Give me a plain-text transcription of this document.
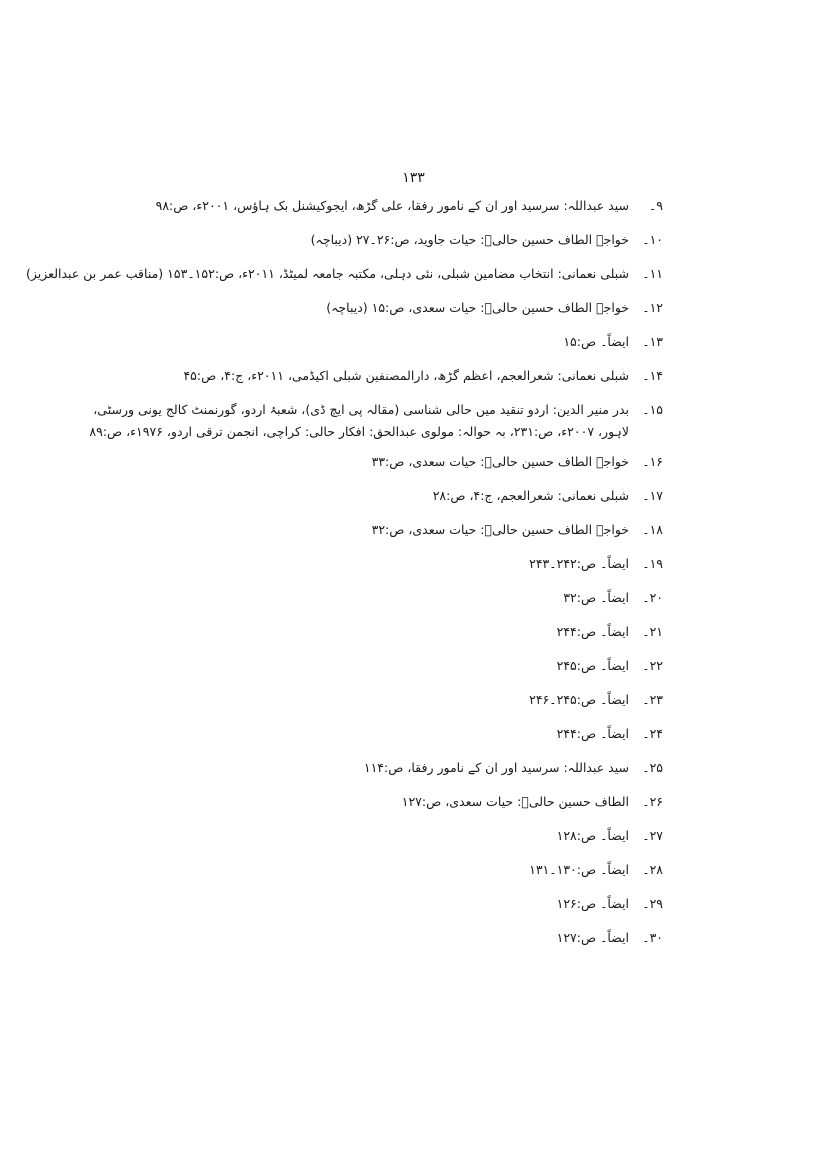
۱۳۳
۹۔
سید عبداللہ: سرسید اور ان کے نامور رفقا، علی گڑھ، ایجوکیشنل بک ہاؤس، ۲۰۰۱ء، ص:۹۸
۱۰۔
خواجہ الطاف حسین حالیؔ: حیات جاوید، ص:۲۶۔۲۷ (دیباچہ)
۱۱۔
شبلی نعمانی: انتخاب مضامین شبلی، نئی دہلی، مکتبہ جامعہ لمیٹڈ، ۲۰۱۱ء، ص:۱۵۲۔۱۵۳ (مناقب عمر بن عبدالعزیز)
۱۲۔
خواجہ الطاف حسین حالیؔ: حیات سعدی، ص:۱۵ (دیباچہ)
۱۳۔
ایضاً۔ ص:۱۵
۱۴۔
شبلی نعمانی: شعرالعجم، اعظم گڑھ، دارالمصنفین شبلی اکیڈمی، ۲۰۱۱ء، ج:۴، ص:۴۵
۱۵۔
بدر منیر الدین: اردو تنقید میں حالی شناسی (مقالہ پی ایچ ڈی)، شعبۂ اردو، گورنمنٹ کالج یونی ورسٹی، لاہور، ۲۰۰۷ء، ص:۲۳۱، بہ حوالہ: مولوی عبدالحق: افکار حالی: کراچی، انجمن ترقی اردو، ۱۹۷۶ء، ص:۸۹
۱۶۔
خواجہ الطاف حسین حالیؔ: حیات سعدی، ص:۳۳
۱۷۔
شبلی نعمانی: شعرالعجم، ج:۴، ص:۲۸
۱۸۔
خواجہ الطاف حسین حالیؔ: حیات سعدی، ص:۳۲
۱۹۔
ایضاً۔ ص:۲۴۲۔۲۴۳
۲۰۔
ایضاً۔ ص:۳۲
۲۱۔
ایضاً۔ ص:۲۴۴
۲۲۔
ایضاً۔ ص:۲۴۵
۲۳۔
ایضاً۔ ص:۲۴۵۔۲۴۶
۲۴۔
ایضاً۔ ص:۲۴۴
۲۵۔
سید عبداللہ: سرسید اور ان کے نامور رفقا، ص:۱۱۴
۲۶۔
الطاف حسین حالیؔ: حیات سعدی، ص:۱۲۷
۲۷۔
ایضاً۔ ص:۱۲۸
۲۸۔
ایضاً۔ ص:۱۳۰۔۱۳۱
۲۹۔
ایضاً۔ ص:۱۲۶
۳۰۔
ایضاً۔ ص:۱۲۷
